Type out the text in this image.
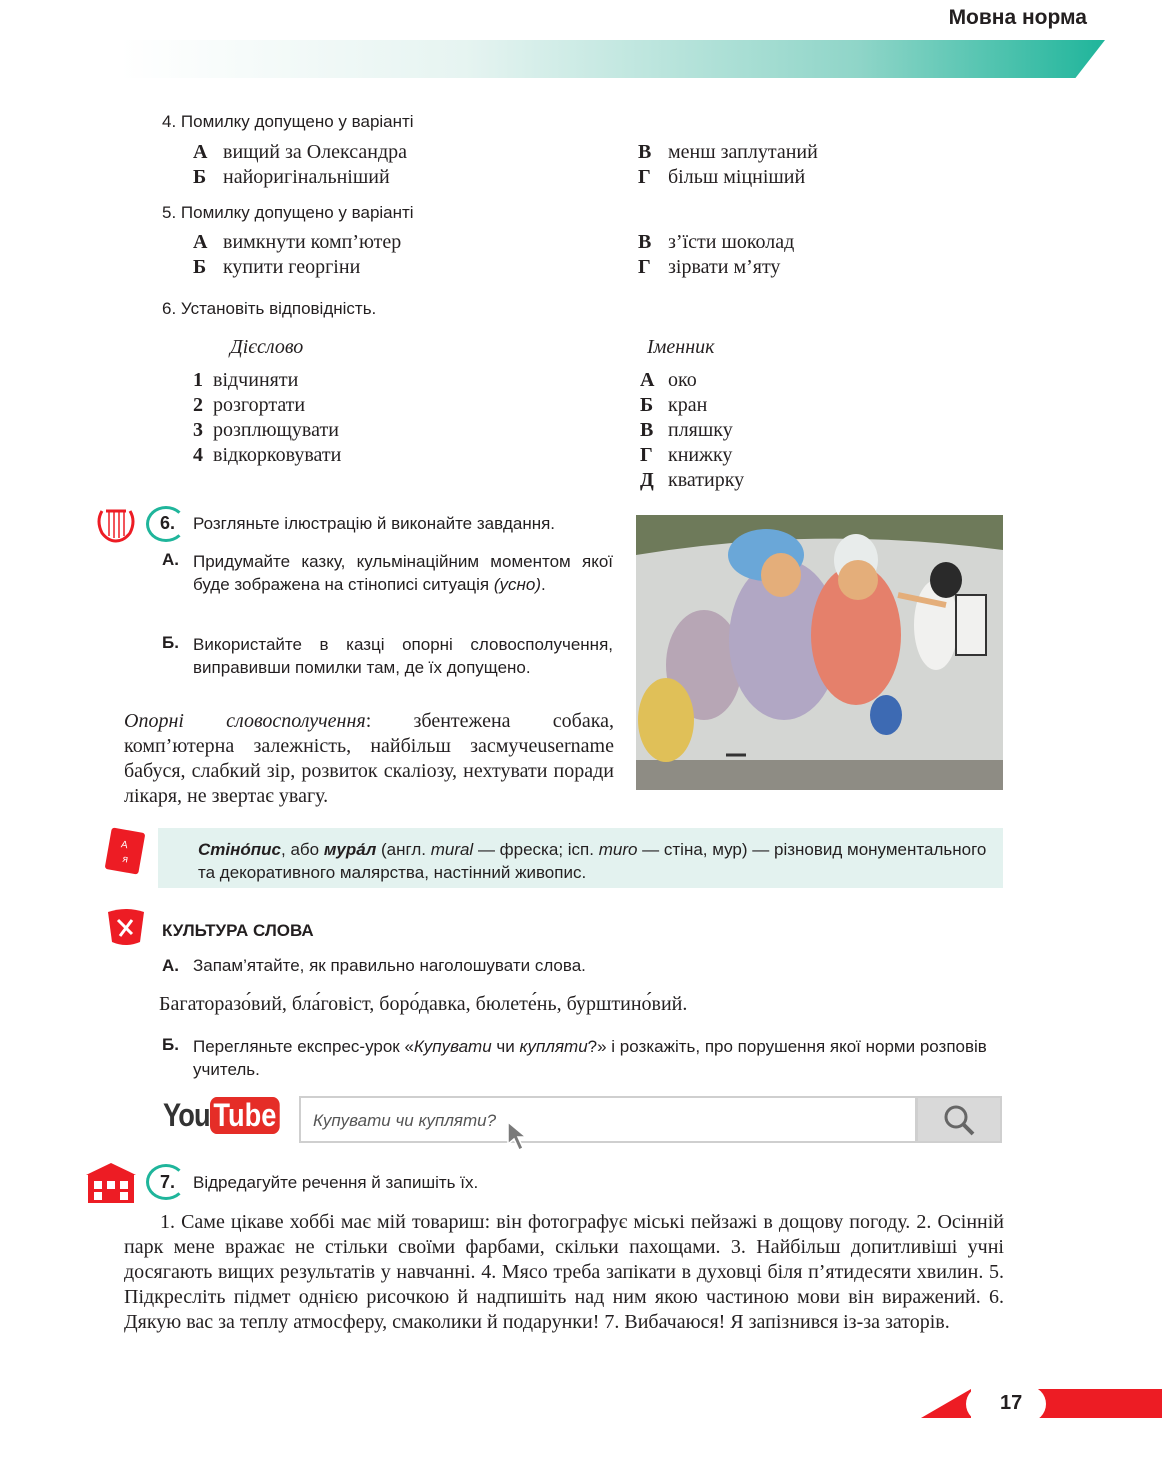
Мовна норма
4. Помилку допущено у варіанті
А вищий за Олександра
Б найоригінальніший
В менш заплутаний
Г більш міцніший
5. Помилку допущено у варіанті
А вимкнути комп’ютер
Б купити георгіни
В з’їсти шоколад
Г зірвати м’яту
6. Установіть відповідність.
Дієслово	Іменник
1 відчиняти
2 розгортати
3 розплющувати
4 відкорковувати
А око
Б кран
В пляшку
Г книжку
Д кватирку
6. Розгляньте ілюстрацію й виконайте завдання.
А. Придумайте казку, кульмінаційним моментом якої буде зображена на стінописі ситуація (усно).
Б. Використайте в казці опорні словосполучення, виправивши помилки там, де їх допущено.
Опорні словосполучення: збентежена собака, комп’ютерна залежність, найбільш засмучеusername бабуся, слабкий зір, розвиток скаліозу, нехтувати поради лікаря, не звертає увагу.
А
я
Стіно́пис, або мура́л (англ. mural — фреска; ісп. muro — стіна, мур) — різновид монументального та декоративного малярства, настінний живопис.
КУЛЬТУРА СЛОВА
А. Запам’ятайте, як правильно наголошувати слова.
Багаторазо́вий, бла́говіст, боро́давка, бюлете́нь, бурштино́вий.
Б. Перегляньте експрес-урок «Купувати чи купляти?» і розкажіть, про порушення якої норми розповів учитель.
You Tube	Купувати чи купляти?
7. Відредагуйте речення й запишіть їх.
1. Саме цікаве хоббі має мій товариш: він фотографує міські пейзажі в дощову погоду. 2. Осінній парк мене вражає не стільки своїми фарбами, скільки пахощами. 3. Найбільш допитливіші учні досягають вищих результатів у навчанні. 4. Мясо треба запікати в духовці біля п’ятидесяти хвилин. 5. Підкресліть підмет однією рисочкою й надпишіть над ним якою частиною мови він виражений. 6. Дякую вас за теплу атмосферу, смаколики й подарунки! 7. Вибачаюся! Я запізнився із-за заторів.
17
